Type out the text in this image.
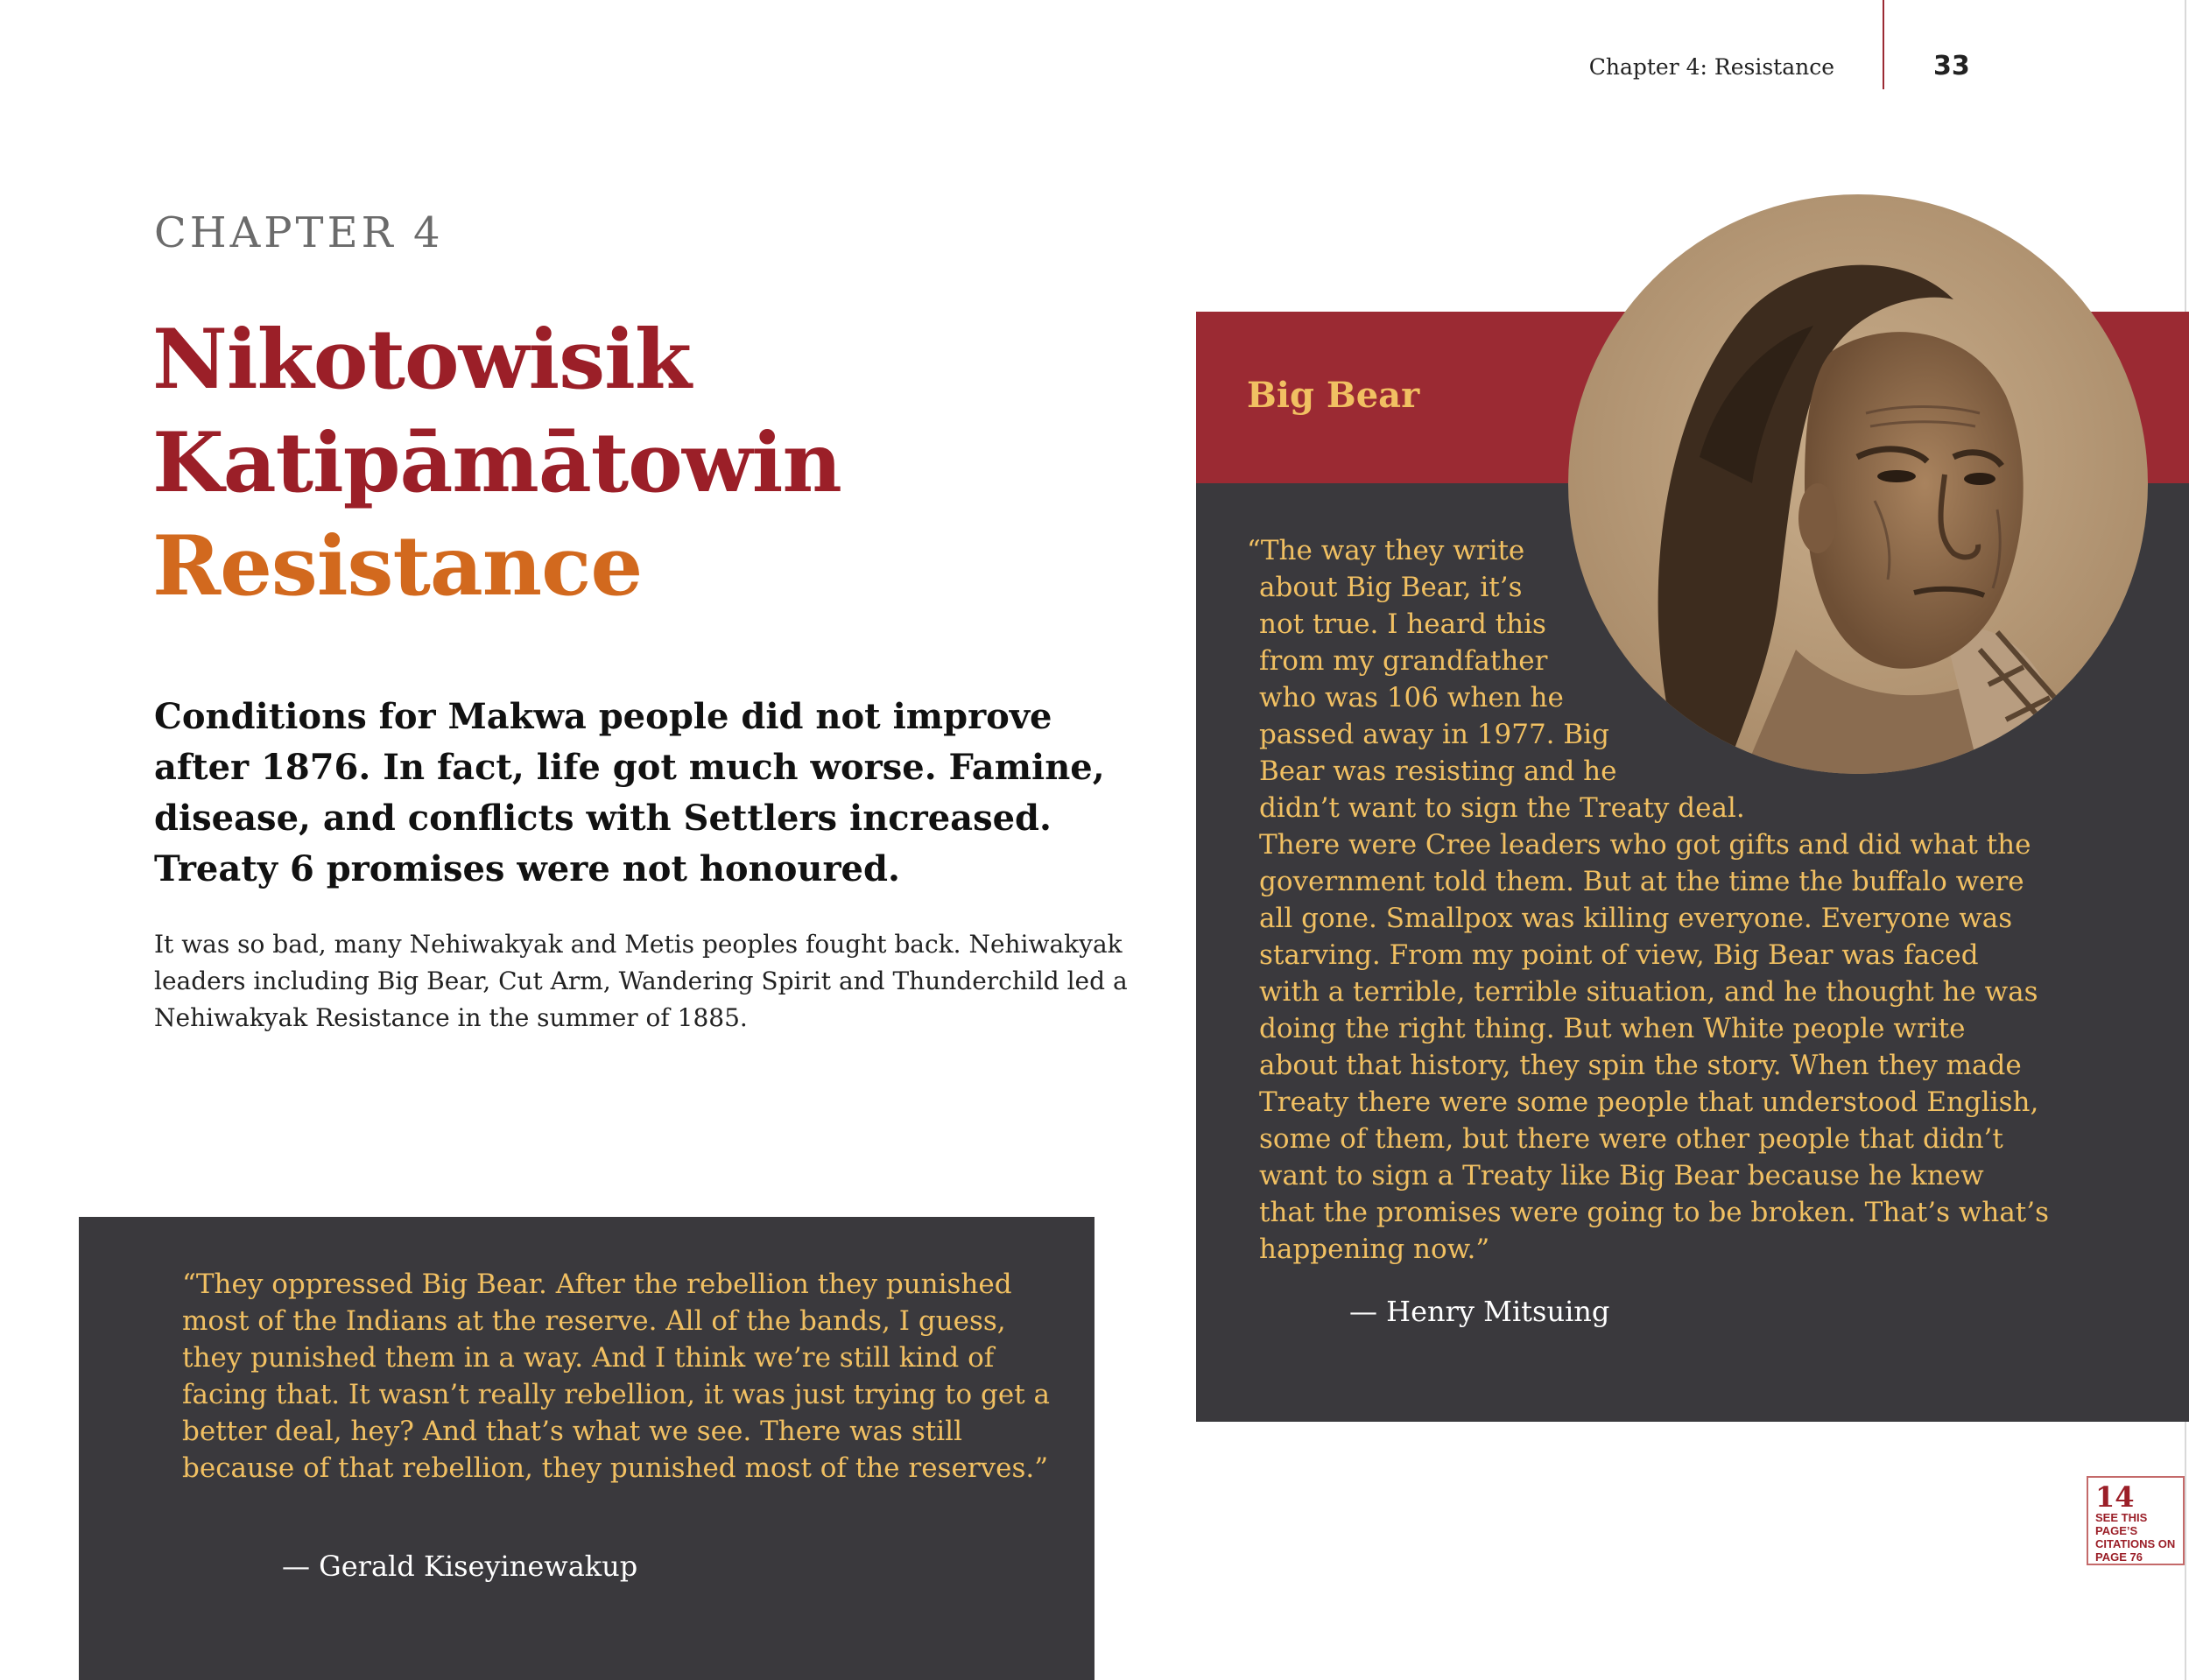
Chapter 4: Resistance	33
CHAPTER 4
Nikotowisik
Katipāmātowin
Resistance
Conditions for Makwa people did not improve after 1876. In fact, life got much worse. Famine, disease, and conflicts with Settlers increased. Treaty 6 promises were not honoured.
It was so bad, many Nehiwakyak and Metis peoples fought back. Nehiwakyak leaders including Big Bear, Cut Arm, Wandering Spirit and Thunderchild led a Nehiwakyak Resistance in the summer of 1885.
“They oppressed Big Bear. After the rebellion they punished most of the Indians at the reserve. All of the bands, I guess, they punished them in a way. And I think we’re still kind of facing that. It wasn’t really rebellion, it was just trying to get a better deal, hey? And that’s what we see. There was still because of that rebellion, they punished most of the reserves.”
— Gerald Kiseyinewakup
Big Bear
“The way they write
about Big Bear, it’s
not true. I heard this
from my grandfather
who was 106 when he
passed away in 1977. Big
Bear was resisting and he
didn’t want to sign the Treaty deal.
There were Cree leaders who got gifts and did what the
government told them. But at the time the buffalo were
all gone. Smallpox was killing everyone. Everyone was
starving. From my point of view, Big Bear was faced
with a terrible, terrible situation, and he thought he was
doing the right thing. But when White people write
about that history, they spin the story. When they made
Treaty there were some people that understood English,
some of them, but there were other people that didn’t
want to sign a Treaty like Big Bear because he knew
that the promises were going to be broken. That’s what’s
happening now.”
— Henry Mitsuing
14
SEE THIS PAGE’S
CITATIONS ON
PAGE 76
